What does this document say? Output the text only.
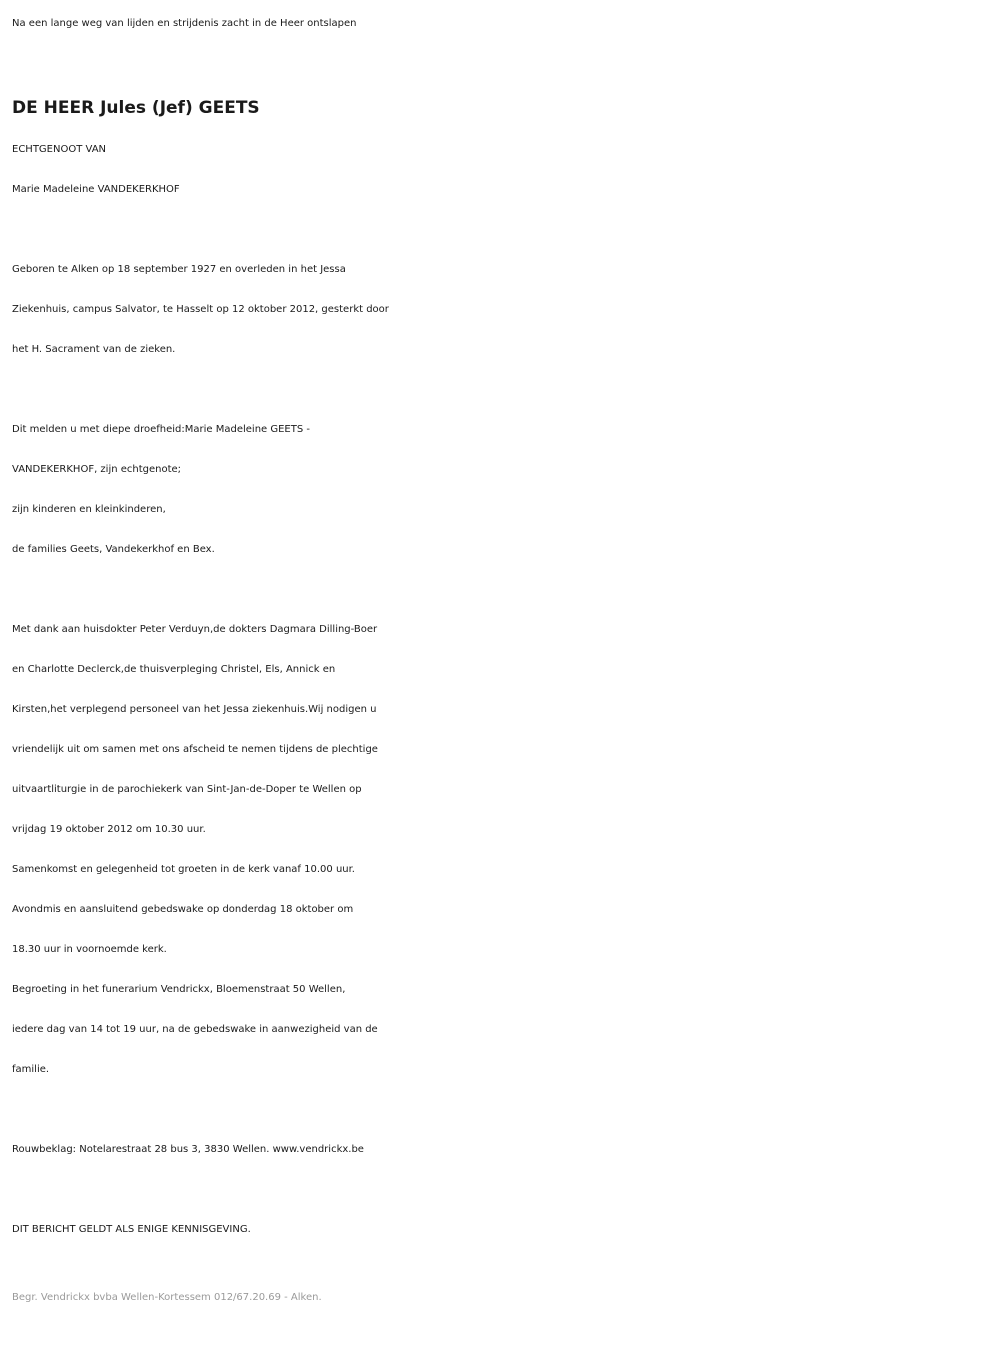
Na een lange weg van lijden en strijdenis zacht in de Heer ontslapen
DE HEER Jules (Jef) GEETS
ECHTGENOOT VAN
Marie Madeleine VANDEKERKHOF
Geboren te Alken op 18 september 1927 en overleden in het Jessa
Ziekenhuis, campus Salvator, te Hasselt op 12 oktober 2012, gesterkt door
het H. Sacrament van de zieken.
Dit melden u met diepe droefheid:Marie Madeleine GEETS -
VANDEKERKHOF, zijn echtgenote;
zijn kinderen en kleinkinderen,
de families Geets, Vandekerkhof en Bex.
Met dank aan huisdokter Peter Verduyn,de dokters Dagmara Dilling-Boer
en Charlotte Declerck,de thuisverpleging Christel, Els, Annick en
Kirsten,het verplegend personeel van het Jessa ziekenhuis.Wij nodigen u
vriendelijk uit om samen met ons afscheid te nemen tijdens de plechtige
uitvaartliturgie in de parochiekerk van Sint-Jan-de-Doper te Wellen op
vrijdag 19 oktober 2012 om 10.30 uur.
Samenkomst en gelegenheid tot groeten in de kerk vanaf 10.00 uur.
Avondmis en aansluitend gebedswake op donderdag 18 oktober om
18.30 uur in voornoemde kerk.
Begroeting in het funerarium Vendrickx, Bloemenstraat 50 Wellen,
iedere dag van 14 tot 19 uur, na de gebedswake in aanwezigheid van de
familie.
Rouwbeklag: Notelarestraat 28 bus 3, 3830 Wellen. www.vendrickx.be
DIT BERICHT GELDT ALS ENIGE KENNISGEVING.
Begr. Vendrickx bvba Wellen-Kortessem 012/67.20.69 - Alken.
